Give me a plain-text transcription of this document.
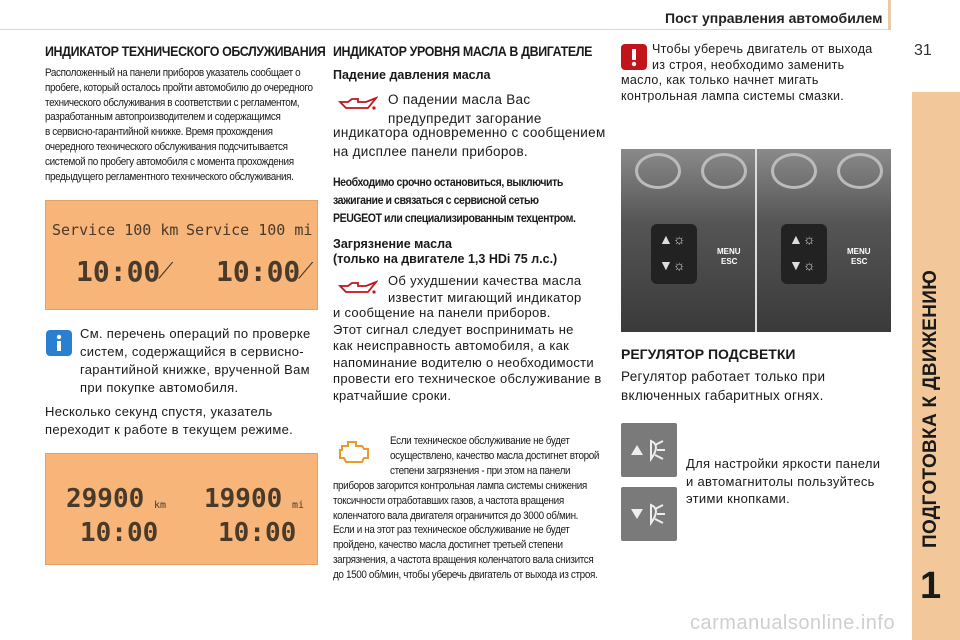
Пост управления автомобилем
31
ПОДГОТОВКА К ДВИЖЕНИЮ
1
ИНДИКАТОР ТЕХНИЧЕСКОГО ОБСЛУЖИВАНИЯ
Расположенный на панели приборов указатель сообщает о
пробеге, который осталось пройти автомобилю до очередного
технического обслуживания в соответствии с регламентом,
разработанным автопроизводителем и содержащимся
в сервисно-гарантийной книжке. Время прохождения
очередного технического обслуживания подсчитывается
системой по пробегу автомобиля с момента прохождения
предыдущего регламентного технического обслуживания.
Service 100 km Service 100 mi
10:00 10:00
⟋	⟋
См. перечень операций по проверке
систем, содержащийся в сервисно-
гарантийной книжке, врученной Вам
при покупке автомобиля.
Несколько секунд спустя, указатель
переходит к работе в текущем режиме.
29900 km 19900 mi
10:00 10:00
ИНДИКАТОР УРОВНЯ МАСЛА В ДВИГАТЕЛЕ
Падение давления масла
О падении масла Вас
предупредит загорание
индикатора одновременно с сообщением
на дисплее панели приборов.
Необходимо срочно остановиться, выключить
зажигание и связаться с сервисной сетью
PEUGEOT или специализированным техцентром.
Загрязнение масла
(только на двигателе 1,3 HDi 75 л.с.)
Об ухудшении качества масла
известит мигающий индикатор
и сообщение на панели приборов.
Этот сигнал следует воспринимать не
как неисправность автомобиля, а как
напоминание водителю о необходимости
провести его техническое обслуживание в
кратчайшие сроки.
Если техническое обслуживание не будет
осуществлено, качество масла достигнет второй
степени загрязнения - при этом на панели
приборов загорится контрольная лампа системы снижения
токсичности отработавших газов, а частота вращения
коленчатого вала двигателя ограничится до 3000 об/мин.
Если и на этот раз техническое обслуживание не будет
пройдено, качество масла достигнет третьей степени
загрязнения, а частота вращения коленчатого вала снизится
до 1500 об/мин, чтобы уберечь двигатель от выхода из строя.
Чтобы уберечь двигатель от выхода
из строя, необходимо заменить
масло, как только начнет мигать
контрольная лампа системы смазки.
▲☼
▼☼
MENU
ESC
▲☼
▼☼
MENU
ESC
РЕГУЛЯТОР ПОДСВЕТКИ
Регулятор работает только при
включенных габаритных огнях.
Для настройки яркости панели
и автомагнитолы пользуйтесь
этими кнопками.
carmanualsonline.info
